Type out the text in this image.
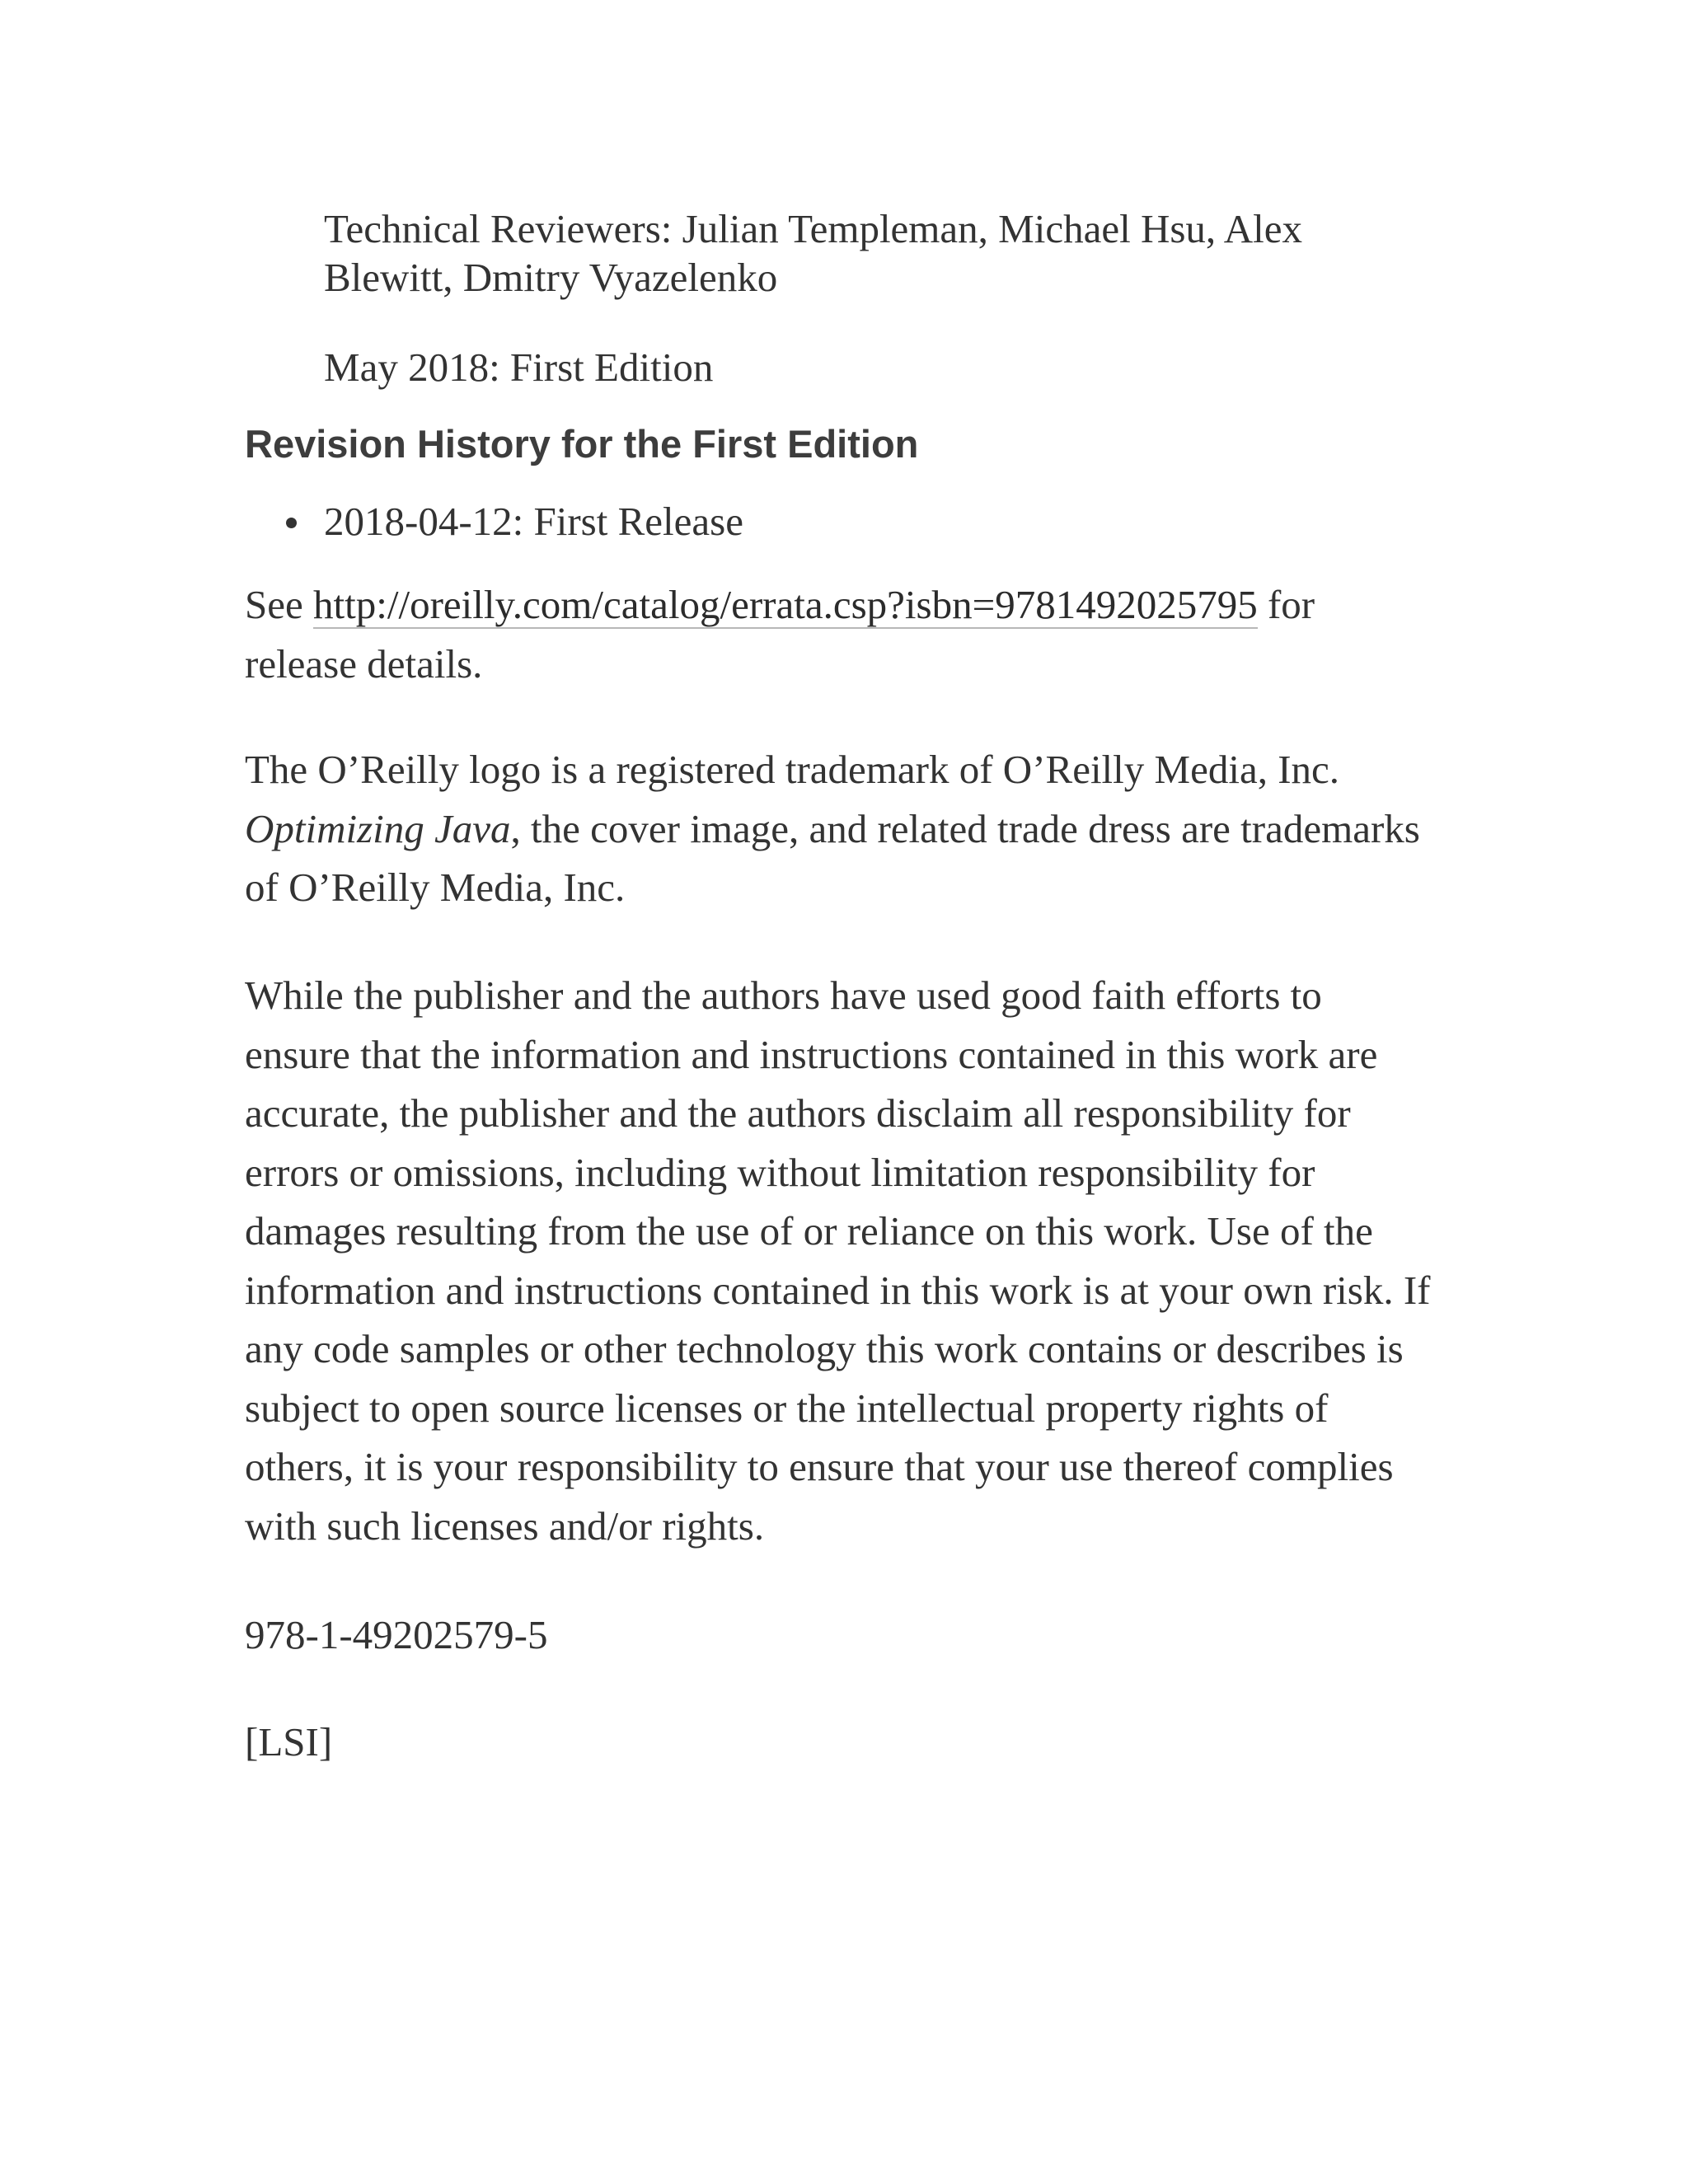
Technical Reviewers: Julian Templeman, Michael Hsu, Alex Blewitt, Dmitry Vyazelenko
May 2018: First Edition
Revision History for the First Edition
2018-04-12: First Release

See http://oreilly.com/catalog/errata.csp?isbn=9781492025795 for release details.

The O’Reilly logo is a registered trademark of O’Reilly Media, Inc. Optimizing Java, the cover image, and related trade dress are trademarks of O’Reilly Media, Inc.

While the publisher and the authors have used good faith efforts to ensure that the information and instructions contained in this work are accurate, the publisher and the authors disclaim all responsibility for errors or omissions, including without limitation responsibility for damages resulting from the use of or reliance on this work. Use of the information and instructions contained in this work is at your own risk. If any code samples or other technology this work contains or describes is subject to open source licenses or the intellectual property rights of others, it is your responsibility to ensure that your use thereof complies with such licenses and/or rights.

978-1-49202579-5

[LSI]
